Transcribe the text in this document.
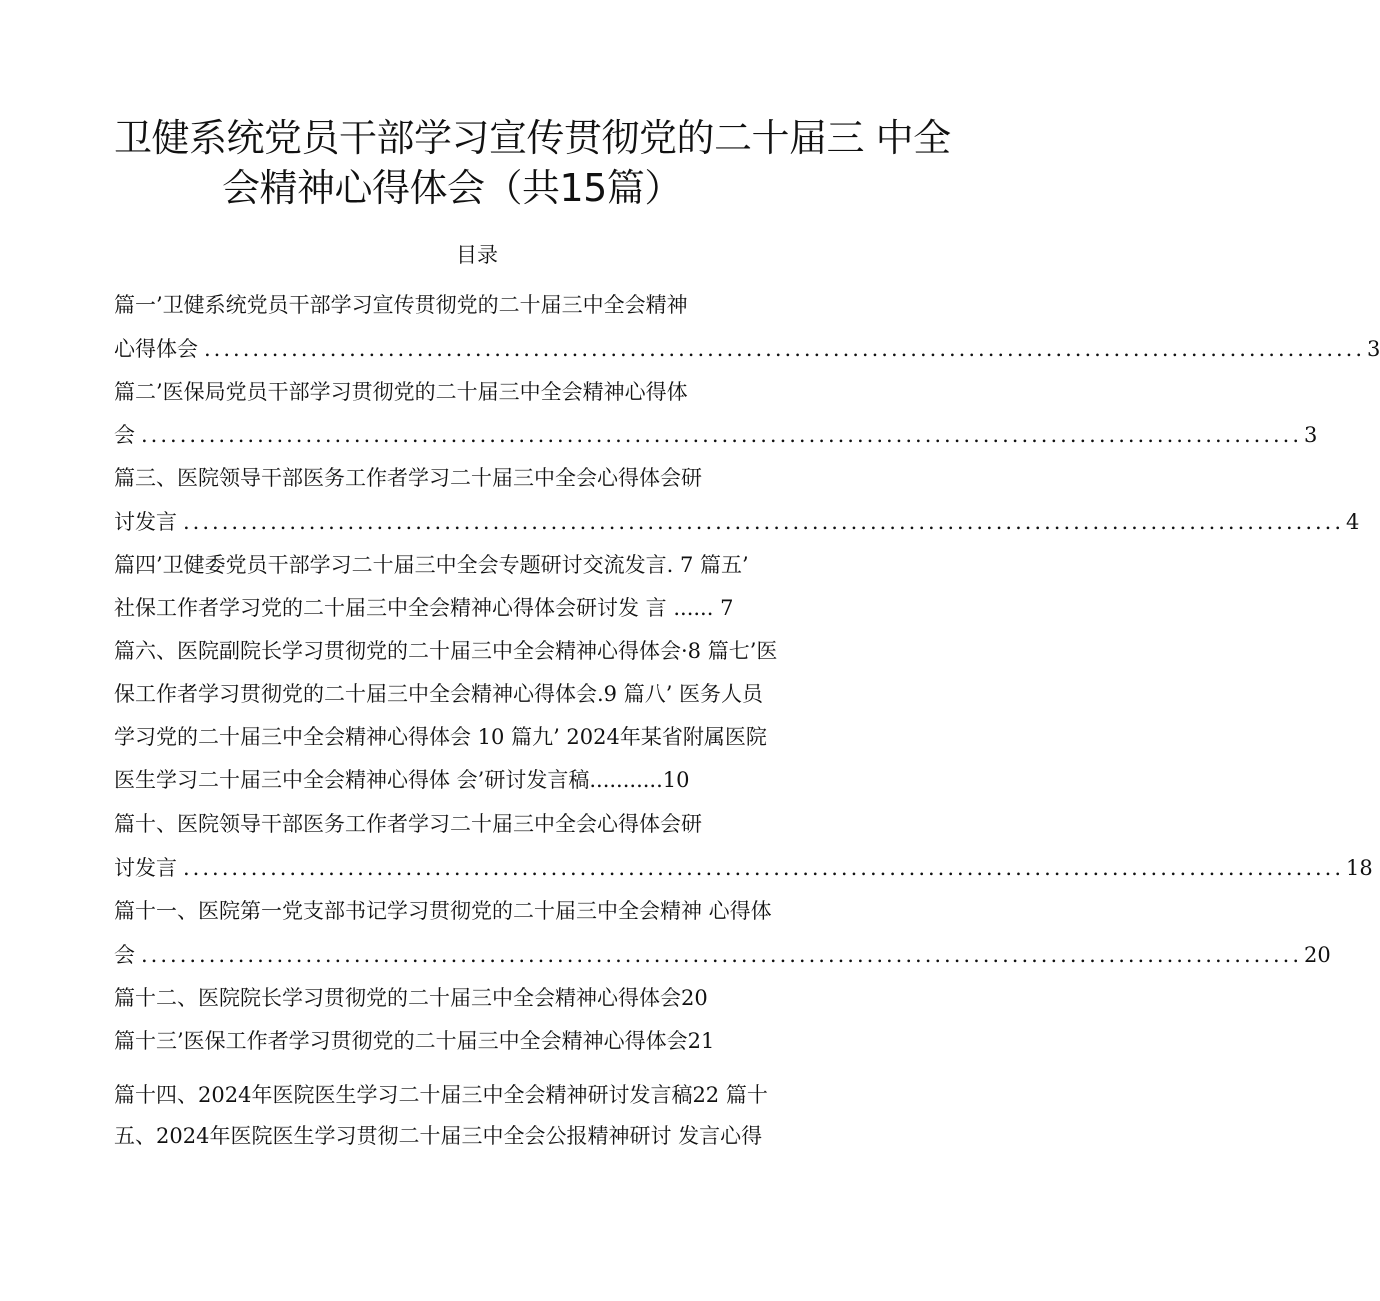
卫健系统党员干部学习宣传贯彻党的二十届三 中全
会精神心得体会（共15篇）
目录
篇一’卫健系统党员干部学习宣传贯彻党的二十届三中全会精神
心得体会 ........................................................................................................................ 3
篇二’医保局党员干部学习贯彻党的二十届三中全会精神心得体
会 ........................................................................................................................ 3
篇三、医院领导干部医务工作者学习二十届三中全会心得体会研
讨发言 ........................................................................................................................ 4
篇四’卫健委党员干部学习二十届三中全会专题研讨交流发言. 7 篇五’
社保工作者学习党的二十届三中全会精神心得体会研讨发 言 ...... 7
篇六、医院副院长学习贯彻党的二十届三中全会精神心得体会·8 篇七’医
保工作者学习贯彻党的二十届三中全会精神心得体会.9 篇八’ 医务人员
学习党的二十届三中全会精神心得体会 10 篇九’ 2024年某省附属医院
医生学习二十届三中全会精神心得体 会’研讨发言稿...........10
篇十、医院领导干部医务工作者学习二十届三中全会心得体会研
讨发言 ........................................................................................................................ 18
篇十一、医院第一党支部书记学习贯彻党的二十届三中全会精神 心得体
会 ........................................................................................................................ 20
篇十二、医院院长学习贯彻党的二十届三中全会精神心得体会20
篇十三’医保工作者学习贯彻党的二十届三中全会精神心得体会21
篇十四、2024年医院医生学习二十届三中全会精神研讨发言稿22 篇十
五、2024年医院医生学习贯彻二十届三中全会公报精神研讨 发言心得
